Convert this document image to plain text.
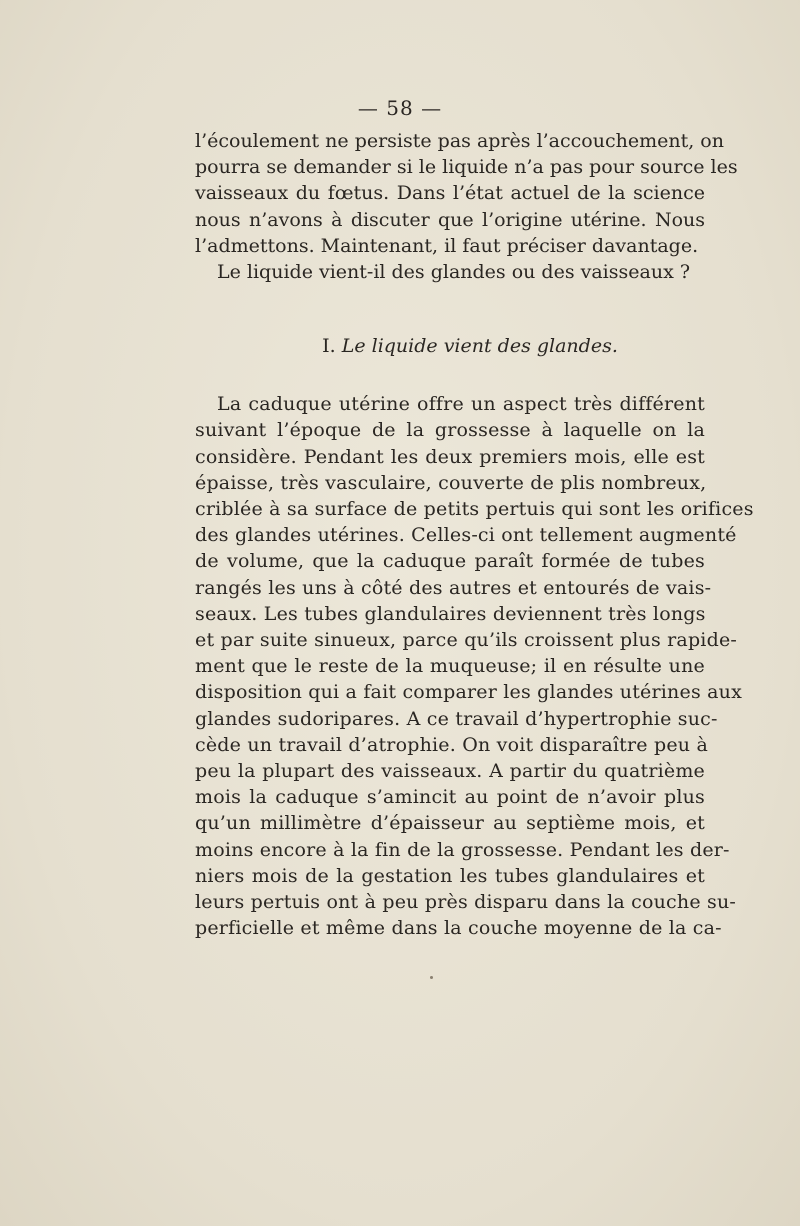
— 58 —
l’écoulement ne persiste pas après l’accouchement, on
pourra se demander si le liquide n’a pas pour source les
vaisseaux du fœtus. Dans l’état actuel de la science
nous n’avons à discuter que l’origine utérine. Nous
l’admettons. Maintenant, il faut préciser davantage.
Le liquide vient-il des glandes ou des vaisseaux ?
I. Le liquide vient des glandes.
La caduque utérine offre un aspect très différent
suivant l’époque de la grossesse à laquelle on la
considère. Pendant les deux premiers mois, elle est
épaisse, très vasculaire, couverte de plis nombreux,
criblée à sa surface de petits pertuis qui sont les orifices
des glandes utérines. Celles-ci ont tellement augmenté
de volume, que la caduque paraît formée de tubes
rangés les uns à côté des autres et entourés de vais-
seaux. Les tubes glandulaires deviennent très longs
et par suite sinueux, parce qu’ils croissent plus rapide-
ment que le reste de la muqueuse; il en résulte une
disposition qui a fait comparer les glandes utérines aux
glandes sudoripares. A ce travail d’hypertrophie suc-
cède un travail d’atrophie. On voit disparaître peu à
peu la plupart des vaisseaux. A partir du quatrième
mois la caduque s’amincit au point de n’avoir plus
qu’un millimètre d’épaisseur au septième mois, et
moins encore à la fin de la grossesse. Pendant les der-
niers mois de la gestation les tubes glandulaires et
leurs pertuis ont à peu près disparu dans la couche su-
perficielle et même dans la couche moyenne de la ca-
